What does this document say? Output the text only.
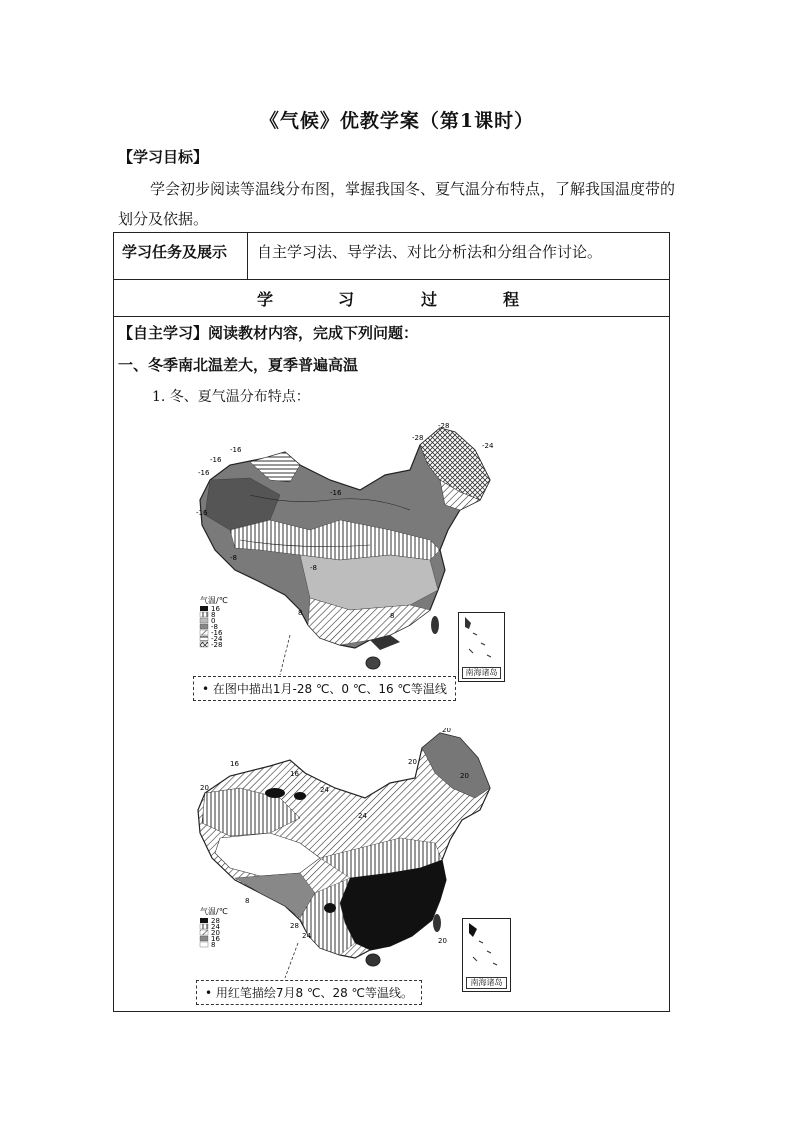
《气候》优教学案（第1课时）
【学习目标】
学会初步阅读等温线分布图，掌握我国冬、夏气温分布特点，了解我国温度带的划分及依据。
学习任务及展示	自主学习法、导学法、对比分析法和分组合作讨论。
学	习	过	程
【自主学习】阅读教材内容，完成下列问题：
一、冬季南北温差大，夏季普遍高温
1. 冬、夏气温分布特点：
气温/℃
16
8
0
-8
-16
-24
-28
-28
-28
-24
-16
-16
-16
-16
-16
-8
-8
8	8
南海诸岛
• 在图中描出1月-28 ℃、0 ℃、16 ℃等温线
气温/℃
28
24
20
16
8
20
20
16
16
20	24
24
20
8
28
24
20
南海诸岛
• 用红笔描绘7月8 ℃、28 ℃等温线。
